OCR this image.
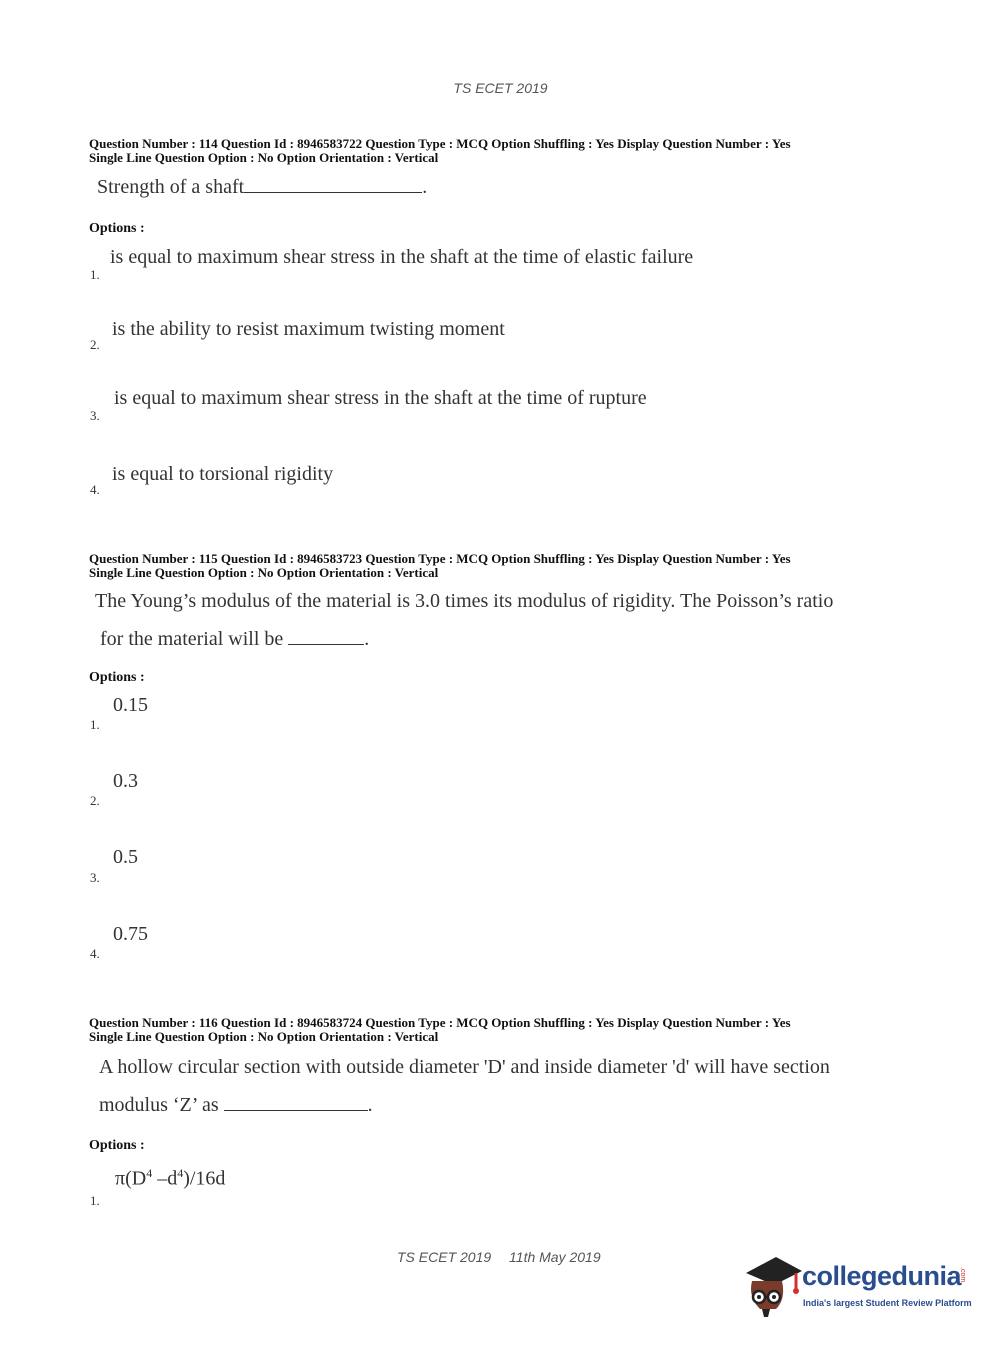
TS ECET 2019
Question Number : 114 Question Id : 8946583722 Question Type : MCQ Option Shuffling : Yes Display Question Number : Yes
Single Line Question Option : No Option Orientation : Vertical
Strength of a shaft	.
Options :
is equal to maximum shear stress in the shaft at the time of elastic failure
1.
is the ability to resist maximum twisting moment
2.
is equal to maximum shear stress in the shaft at the time of rupture
3.
is equal to torsional rigidity
4.
Question Number : 115 Question Id : 8946583723 Question Type : MCQ Option Shuffling : Yes Display Question Number : Yes
Single Line Question Option : No Option Orientation : Vertical
The Young’s modulus of the material is 3.0 times its modulus of rigidity. The Poisson’s ratio
for the material will be	.
Options :
0.15
1.
0.3
2.
0.5
3.
0.75
4.
Question Number : 116 Question Id : 8946583724 Question Type : MCQ Option Shuffling : Yes Display Question Number : Yes
Single Line Question Option : No Option Orientation : Vertical
A hollow circular section with outside diameter 'D' and inside diameter 'd' will have section
modulus ‘Z’ as	.
Options :
$\pi(D^4$ $-d^4)/16d$
1.
TS ECET 2019 11th May 2019
collegedunia
.com
India's largest Student Review Platform
